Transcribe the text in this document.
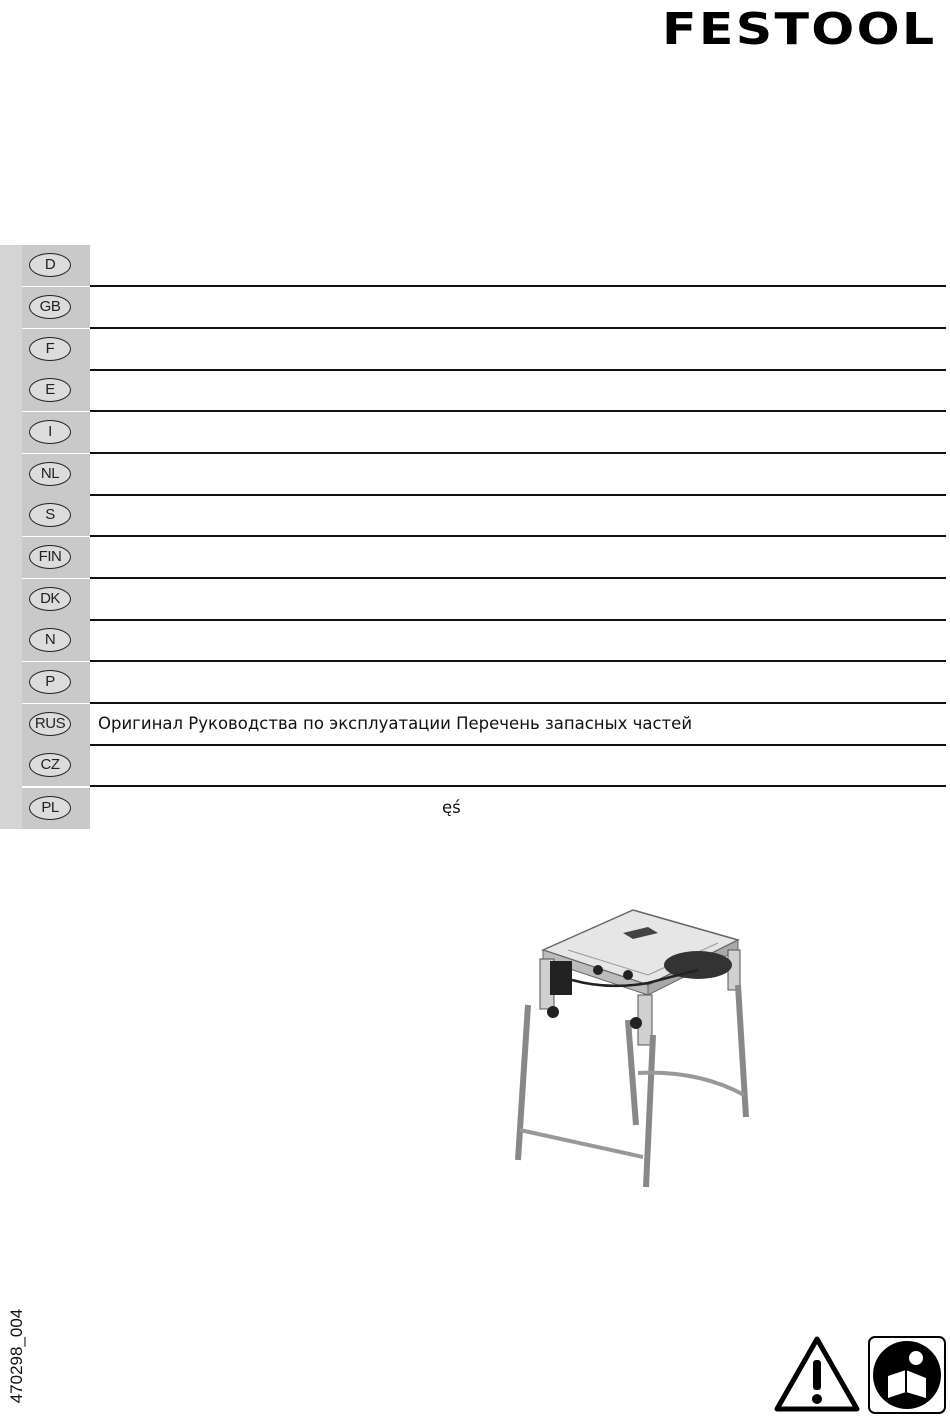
FESTOOL
D
GB
F
E
I
NL
S
FIN
DK
N
P
RUS	Оригинал Руководства по эксплуатации Перечень запасных частей
CZ
PL	ęś
470298_004
